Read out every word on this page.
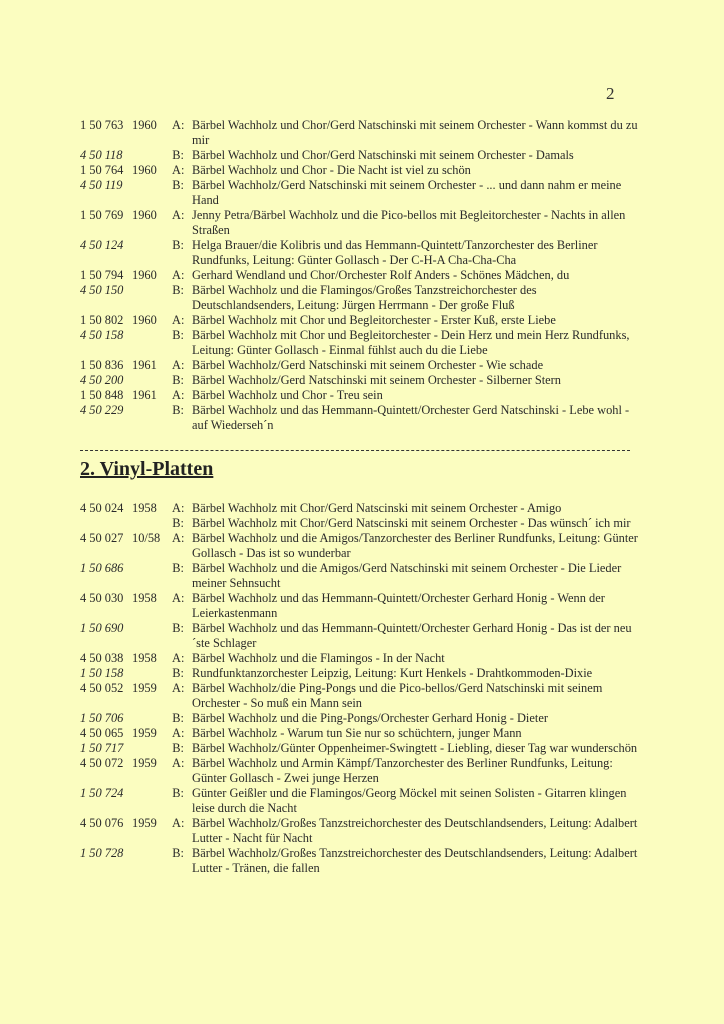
2
1 50 763 1960	A: Bärbel Wachholz und Chor/Gerd Natschinski mit seinem Orchester - Wann kommst du zu mir
4 50 118	B: Bärbel Wachholz und Chor/Gerd Natschinski mit seinem Orchester - Damals
1 50 764 1960	A: Bärbel Wachholz und Chor - Die Nacht ist viel zu schön
4 50 119	B: Bärbel Wachholz/Gerd Natschinski mit seinem Orchester - ... und dann nahm er meine Hand
1 50 769 1960	A: Jenny Petra/Bärbel Wachholz und die Pico-bellos mit Begleitorchester - Nachts in allen Straßen
4 50 124	B: Helga Brauer/die Kolibris und das Hemmann-Quintett/Tanzorchester des Berliner Rundfunks, Leitung: Günter Gollasch - Der C-H-A Cha-Cha-Cha
1 50 794 1960	A: Gerhard Wendland und Chor/Orchester Rolf Anders - Schönes Mädchen, du
4 50 150	B: Bärbel Wachholz und die Flamingos/Großes Tanzstreichorchester des Deutschlandsenders, Leitung: Jürgen Herrmann - Der große Fluß
1 50 802 1960	A: Bärbel Wachholz mit Chor und Begleitorchester - Erster Kuß, erste Liebe
4 50 158	B: Bärbel Wachholz mit Chor und Begleitorchester - Dein Herz und mein Herz Rundfunks, Leitung: Günter Gollasch - Einmal fühlst auch du die Liebe
1 50 836 1961	A: Bärbel Wachholz/Gerd Natschinski mit seinem Orchester - Wie schade
4 50 200	B: Bärbel Wachholz/Gerd Natschinski mit seinem Orchester - Silberner Stern
1 50 848 1961	A: Bärbel Wachholz und Chor - Treu sein
4 50 229	B: Bärbel Wachholz und das Hemmann-Quintett/Orchester Gerd Natschinski - Lebe wohl - auf Wiederseh´n
2. Vinyl-Platten
4 50 024 1958	A: Bärbel Wachholz mit Chor/Gerd Natscinski mit seinem Orchester - Amigo
B: Bärbel Wachholz mit Chor/Gerd Natscinski mit seinem Orchester - Das wünsch´ ich mir
4 50 027 10/58 A: Bärbel Wachholz und die Amigos/Tanzorchester des Berliner Rundfunks, Leitung: Günter Gollasch - Das ist so wunderbar
1 50 686	B: Bärbel Wachholz und die Amigos/Gerd Natschinski mit seinem Orchester - Die Lieder meiner Sehnsucht
4 50 030 1958	A: Bärbel Wachholz und das Hemmann-Quintett/Orchester Gerhard Honig - Wenn der Leierkastenmann
1 50 690	B: Bärbel Wachholz und das Hemmann-Quintett/Orchester Gerhard Honig - Das ist der neu´ste Schlager
4 50 038 1958	A: Bärbel Wachholz und die Flamingos - In der Nacht
1 50 158	B: Rundfunktanzorchester Leipzig, Leitung: Kurt Henkels - Drahtkommoden-Dixie
4 50 052 1959	A: Bärbel Wachholz/die Ping-Pongs und die Pico-bellos/Gerd Natschinski mit seinem Orchester - So muß ein Mann sein
1 50 706	B: Bärbel Wachholz und die Ping-Pongs/Orchester Gerhard Honig - Dieter
4 50 065 1959	A: Bärbel Wachholz - Warum tun Sie nur so schüchtern, junger Mann
1 50 717	B: Bärbel Wachholz/Günter Oppenheimer-Swingtett - Liebling, dieser Tag war wunderschön
4 50 072 1959	A: Bärbel Wachholz und Armin Kämpf/Tanzorchester des Berliner Rundfunks, Leitung: Günter Gollasch - Zwei junge Herzen
1 50 724	B: Günter Geißler und die Flamingos/Georg Möckel mit seinen Solisten - Gitarren klingen leise durch die Nacht
4 50 076 1959	A: Bärbel Wachholz/Großes Tanzstreichorchester des Deutschlandsenders, Leitung: Adalbert Lutter - Nacht für Nacht
1 50 728	B: Bärbel Wachholz/Großes Tanzstreichorchester des Deutschlandsenders, Leitung: Adalbert Lutter - Tränen, die fallen
